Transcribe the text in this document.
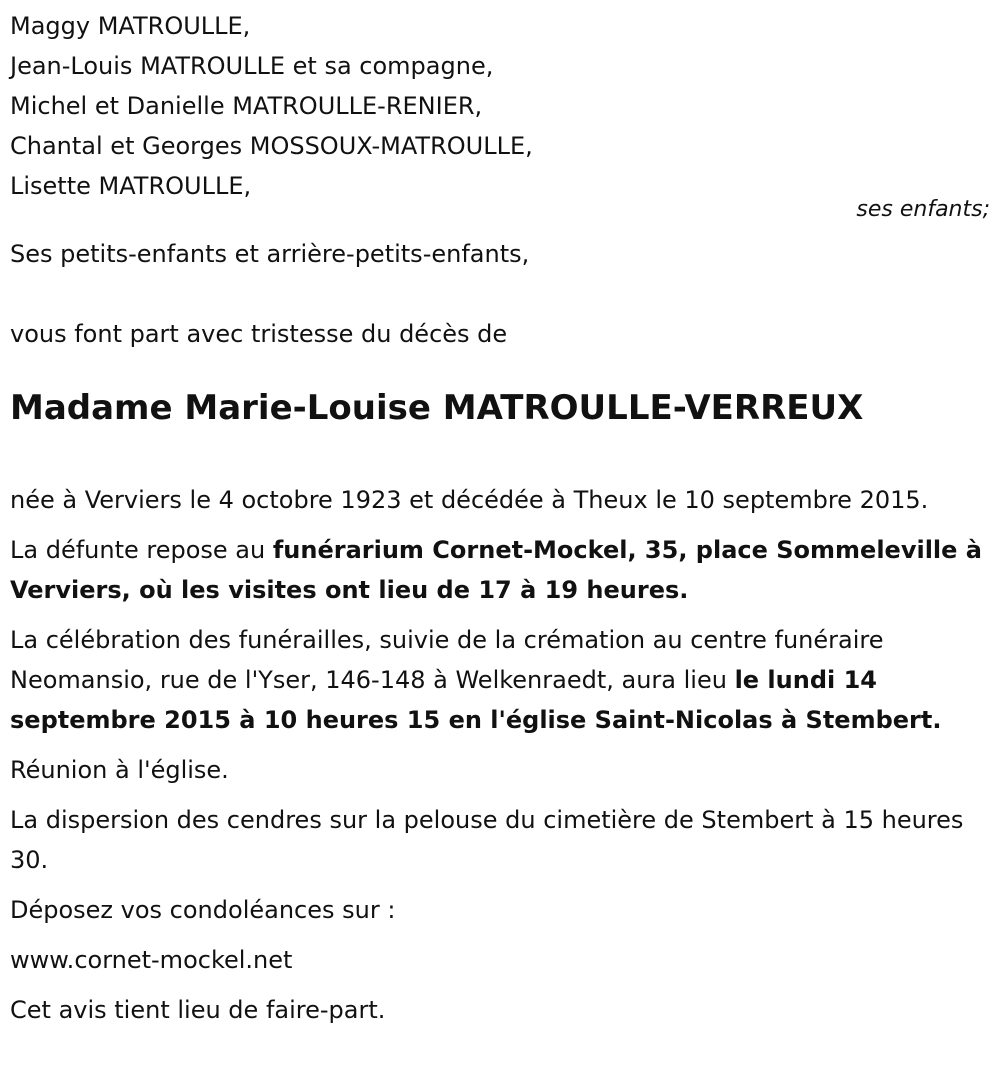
Maggy MATROULLE,
Jean-Louis MATROULLE et sa compagne,
Michel et Danielle MATROULLE-RENIER,
Chantal et Georges MOSSOUX-MATROULLE,
Lisette MATROULLE,
ses enfants;
Ses petits-enfants et arrière-petits-enfants,
vous font part avec tristesse du décès de
Madame Marie-Louise MATROULLE-VERREUX

née à Verviers le 4 octobre 1923 et décédée à Theux le 10 septembre 2015.

La défunte repose au funérarium Cornet-Mockel, 35, place Sommeleville à Verviers, où les visites ont lieu de 17 à 19 heures.

La célébration des funérailles, suivie de la crémation au centre funéraire Neomansio, rue de l'Yser, 146-148 à Welkenraedt, aura lieu le lundi 14 septembre 2015 à 10 heures 15 en l'église Saint-Nicolas à Stembert.

Réunion à l'église.

La dispersion des cendres sur la pelouse du cimetière de Stembert à 15 heures 30.

Déposez vos condoléances sur :

www.cornet-mockel.net

Cet avis tient lieu de faire-part.
